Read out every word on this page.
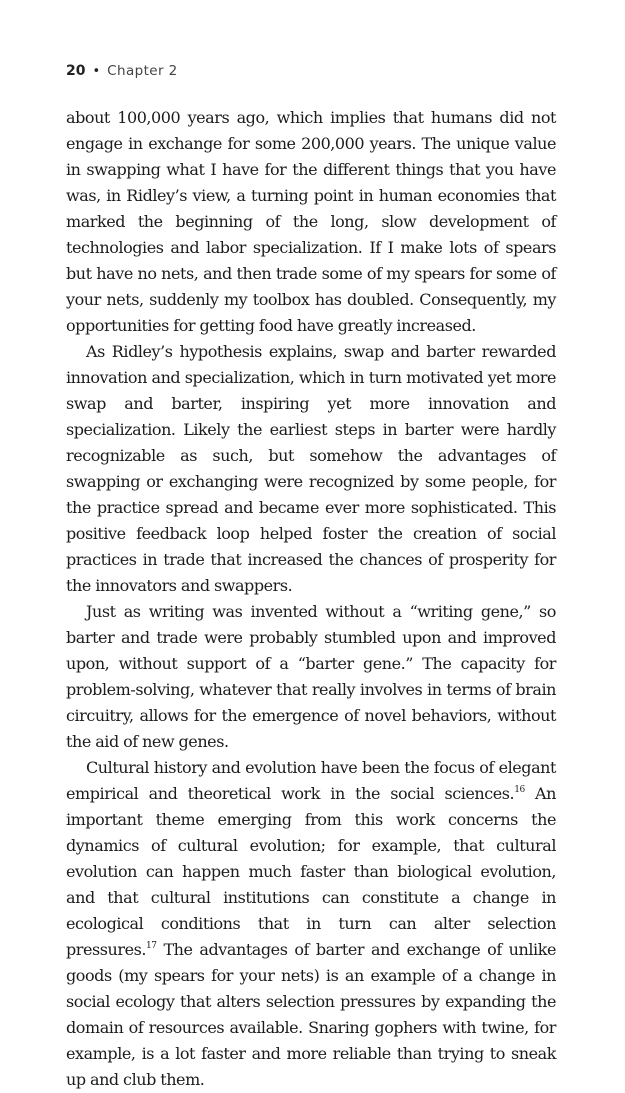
20 • Chapter 2

about 100,000 years ago, which implies that humans did not engage in exchange for some 200,000 years. The unique value in swapping what I have for the different things that you have was, in Ridley’s view, a turning point in human economies that marked the beginning of the long, slow development of technologies and labor specialization. If I make lots of spears but have no nets, and then trade some of my spears for some of your nets, suddenly my toolbox has doubled. Consequently, my opportunities for getting food have greatly increased.

As Ridley’s hypothesis explains, swap and barter rewarded innovation and specialization, which in turn motivated yet more swap and barter, inspiring yet more innovation and specialization. Likely the earliest steps in barter were hardly recognizable as such, but somehow the advantages of swapping or exchanging were recognized by some people, for the practice spread and became ever more sophisticated. This positive feedback loop helped foster the creation of social practices in trade that increased the chances of prosperity for the innovators and swappers.

Just as writing was invented without a “writing gene,” so barter and trade were probably stumbled upon and improved upon, without support of a “barter gene.” The capacity for problem-solving, whatever that really involves in terms of brain circuitry, allows for the emergence of novel behaviors, without the aid of new genes.

Cultural history and evolution have been the focus of elegant empirical and theoretical work in the social sciences.$^{16}$ An important theme emerging from this work concerns the dynamics of cultural evolution; for example, that cultural evolution can happen much faster than biological evolution, and that cultural institutions can constitute a change in ecological conditions that in turn can alter selection pressures.$^{17}$ The advantages of barter and exchange of unlike goods (my spears for your nets) is an example of a change in social ecology that alters selection pressures by expanding the domain of resources available. Snaring gophers with twine, for example, is a lot faster and more reliable than trying to sneak up and club them.
